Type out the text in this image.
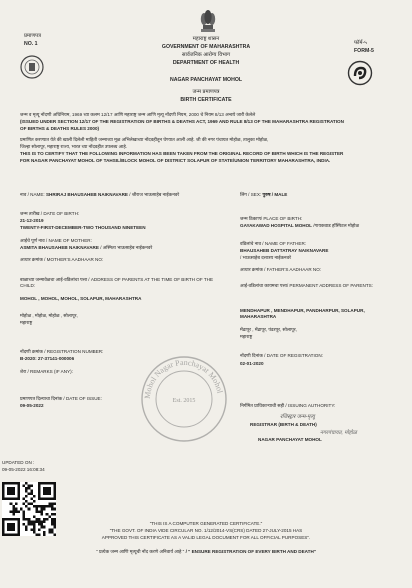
प्रमाणपत्र
NO. 1
महाराष्ट्र शासन
GOVERNMENT OF MAHARASHTRA
सार्वजनिक आरोग्य विभाग
DEPARTMENT OF HEALTH
फॉर्म-५
FORM-5
NAGAR PANCHAYAT MOHOL
जन्म प्रमाणपत्र
BIRTH CERTIFICATE
जन्म व मृत्यू नोंदणी अधिनियम, 1969 च्या कलम 12/17 आणि महाराष्ट्र जन्म आणि मृत्यू नोंदणी नियम, 2000 चे नियम 8/13 अन्वये जारी केलेले
(ISSUED UNDER SECTION 12/17 OF THE REGISTRATION OF BIRTHS & DEATHS ACT, 1969 AND RULE 8/13 OF THE MAHARASHTRA REGISTRATION
OF BIRTHS & DEATHS RULES 2000)
प्रमाणित करण्यात येते की खाली दिलेली माहिती जन्माच्या मूळ अभिलेखाच्या नोंदवहीतून घेण्यात आली आहे. जी की नगर पंचायत मोहोळ, तालुका मोहोळ,
जिल्हा सोलापूर, महाराष्ट्र राज्य, भारत च्या नोंदवहीत उपलब्ध आहे.
THIS IS TO CERTIFY THAT THE FOLLOWING INFORMATION HAS BEEN TAKEN FROM THE ORIGINAL RECORD OF BIRTH WHICH IS THE REGISTER
FOR NAGAR PANCHAYAT MOHOL OF TAHSIL/BLOCK MOHOL OF DISTRICT SOLAPUR OF STATE/UNION TERRITORY MAHARASHTRA, INDIA.
नाव / NAME: SHRIRAJ BHAUSAHEB NAIKNAVARE / श्रीराज भाऊसाहेब नाईकनवरे	लिंग / SEX: पुरुष / MALE
जन्म तारीख / DATE OF BIRTH:
21-12-2019
TWENTY-FIRST-DECEMBER-TWO THOUSAND NINETEEN
जन्म ठिकाण/ PLACE OF BIRTH:
GAYAKAWAD HOSPITAL MOHOL /गायकवाड हॉस्पिटल मोहोळ
आईचे पूर्ण नाव / NAME OF MOTHER:
ASMITA BHAUSAHEB NAIKNAVARE / अस्मिता भाऊसाहेब नाईकनवरे
वडिलांचे नाव / NAME OF FATHER:
BHAUSAHEB DATTATRAY NAIKNAVARE
/ भाऊसाहेब दत्तात्रय नाईकनवरे
आधार क्रमांक / MOTHER'S AADHAAR NO:
आधार क्रमांक / FATHER'S AADHAAR NO:
बाळाच्या जन्मावेळचा आई-वडिलांचा पत्ता / ADDRESS OF PARENTS AT THE TIME OF BIRTH OF THE CHILD:
MOHOL , MOHOL, MOHOL, SOLAPUR, MAHARASHTRA
मोहोळ , मोहोळ, मोहोळ , सोलापूर,
महाराष्ट्र
आई-वडिलांचा कायमचा पत्ता/ PERMANENT ADDRESS OF PARENTS:
MENDHAPUR , MENDHAPUR, PANDHARPUR, SOLAPUR, MAHARASHTRA
मेंढापूर , मेंढापूर, पंढरपूर, सोलापूर,
महाराष्ट्र
नोंदणी क्रमांक / REGISTRATION NUMBER:
B-2020: 27-37141-000006
नोंदणी दिनांक / DATE OF REGISTRATION:
02-01-2020
शेरा / REMARKS (IF ANY):
प्रमाणपत्र दिल्याचा दिनांक / DATE OF ISSUE:
09-05-2022
Mohol Nagar Panchayat Mohol
Est. 2015
निर्गमित प्राधिकाऱ्याची सही / ISSUING AUTHORITY:
रजिस्ट्रार जन्म-मृत्यू
REGISTRAR (BIRTH & DEATH)
नगरपंचायत, मोहोळ
NAGAR PANCHAYAT MOHOL
UPDATED ON :
09-05-2022 16:08:34
"THIS IS A COMPUTER GENERATED CERTIFICATE."
"THE GOVT. OF INDIA VIDE CIRCULAR NO. 1/12/2014-VS(CRS) DATED 27-JULY-2015 HAS
APPROVED THIS CERTIFICATE AS A VALID LEGAL DOCUMENT FOR ALL OFFICIAL PURPOSES".
" प्रत्येक जन्म आणि मृत्यूची नोंद करणे अनिवार्य आहे " / " ENSURE REGISTRATION OF EVERY BIRTH AND DEATH"
